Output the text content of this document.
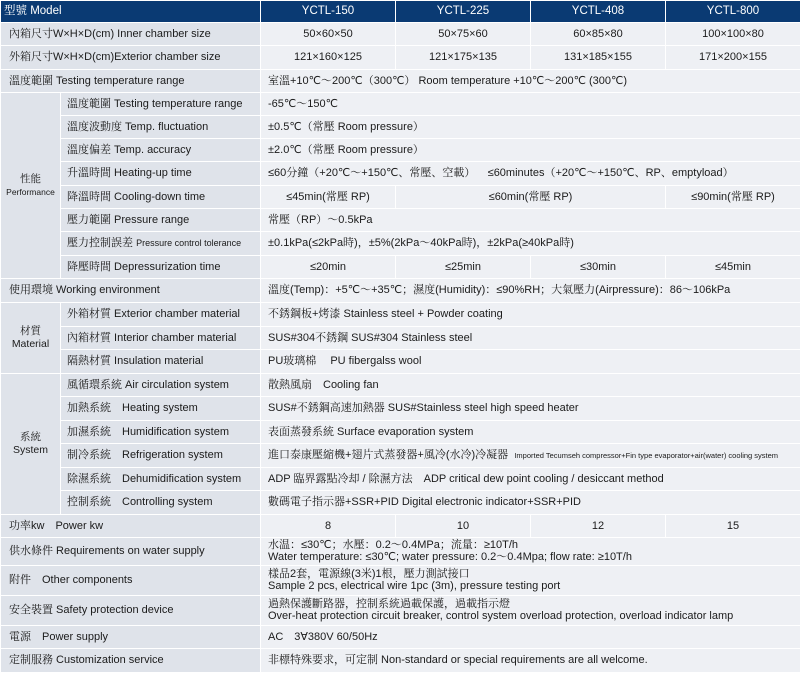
型號 Model		YCTL-150	YCTL-225	YCTL-408	YCTL-800
內箱尺寸W×H×D(cm) Inner chamber size		50×60×50	50×75×60	60×85×80	100×100×80
外箱尺寸W×H×D(cm)Exterior chamber size		121×160×125	121×175×135	131×185×155	171×200×155
溫度範圍 Testing temperature range		室溫+10℃～200℃（300℃） Room temperature +10℃～200℃ (300℃)			
性能
Performance	溫度範圍 Testing temperature range	-65℃～150℃			
	溫度波動度 Temp. fluctuation	±0.5℃（常壓 Room pressure）			
	溫度偏差 Temp. accuracy	±2.0℃（常壓 Room pressure）			
	升溫時間 Heating-up time	≤60分鐘（+20℃～+150℃、常壓、空載） ≤60minutes（+20℃～+150℃、RP、emptyload）			
	降溫時間 Cooling-down time	≤45min(常壓 RP)	≤60min(常壓 RP)		≤90min(常壓 RP)
	壓力範圍 Pressure range	常壓（RP）～0.5kPa			
	壓力控制誤差 Pressure control tolerance	±0.1kPa(≤2kPa時)，±5%(2kPa～40kPa時)，±2kPa(≥40kPa時)			
	降壓時間 Depressurization time	≤20min	≤25min	≤30min	≤45min
使用環境 Working environment		溫度(Temp)：+5℃～+35℃；濕度(Humidity)：≤90%RH；大氣壓力(Airpressure)：86～106kPa			
材質
Material	外箱材質 Exterior chamber material	不銹鋼板+烤漆 Stainless steel + Powder coating			
	內箱材質 Interior chamber material	SUS#304不銹鋼 SUS#304 Stainless steel			
	隔熱材質 Insulation material	PU玻璃棉　 PU fibergalss wool			
系統
System	風循環系統 Air circulation system	散熱風扇　Cooling fan			
	加熱系統　Heating system	SUS#不銹鋼高速加熱器 SUS#Stainless steel high speed heater			
	加濕系統　Humidification system	表面蒸發系統 Surface evaporation system			
	制冷系統　Refrigeration system	進口泰康壓縮機+翅片式蒸發器+風冷(水冷)冷凝器 Imported Tecumseh compressor+Fin type evaporator+air(water) cooling system			
	除濕系統　Dehumidification system	ADP 臨界露點冷却 / 除濕方法　ADP critical dew point cooling / desiccant method			
	控制系統　Controlling system	數碼電子指示器+SSR+PID Digital electronic indicator+SSR+PID			
功率kw　Power kw		8	10	12	15
供水條件 Requirements on water supply		水温：≤30℃；水壓：0.2～0.4MPa；流量：≥10T/h
Water temperature: ≤30℃; water pressure: 0.2～0.4Mpa; flow rate: ≥10T/h			

附件　Other components		樣品2套，電源線(3米)1根，壓力測試接口
Sample 2 pcs, electrical wire 1pc (3m), pressure testing port			

安全裝置 Safety protection device		過熱保護斷路器，控制系統過載保護，過載指示燈
Over-heat protection circuit breaker, control system overload protection, overload indicator lamp			

電源　Power supply		AC　3∀380V 60/50Hz			
定制服務 Customization service		非標特殊要求，可定制 Non-standard or special requirements are all welcome.			
